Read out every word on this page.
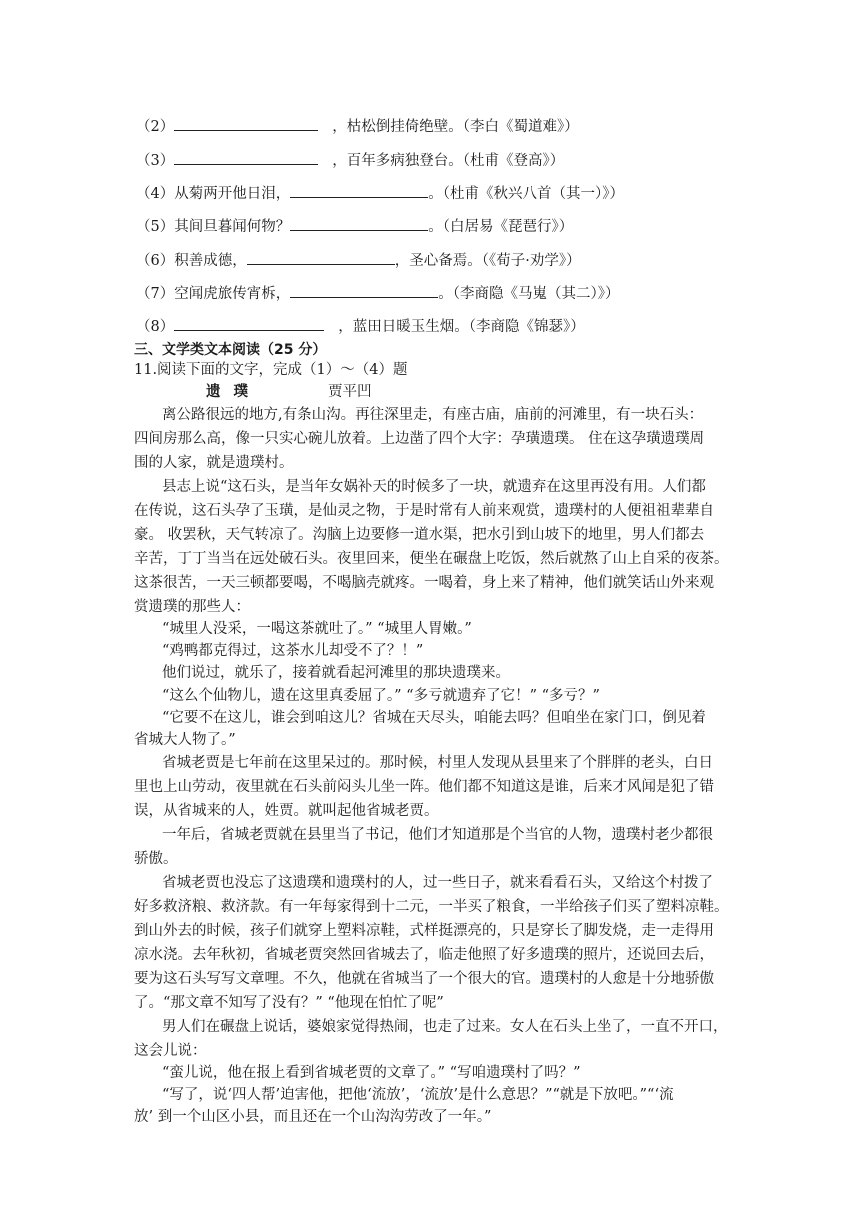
（2）	，枯松倒挂倚绝壁。（李白《蜀道难》）
（3）	，百年多病独登台。（杜甫《登高》）
（4）从菊两开他日泪，	。（杜甫《秋兴八首（其一）》）
（5）其间旦暮闻何物？	。（白居易《琵琶行》）
（6）积善成德，	，圣心备焉。（《荀子·劝学》）
（7）空闻虎旅传宵柝，	。（李商隐《马嵬（其二）》）
（8）	，蓝田日暖玉生烟。（李商隐《锦瑟》）
三、文学类文本阅读（25 分）
11.阅读下面的文字，完成（1）～（4）题
遗 璞	贾平凹
离公路很远的地方,有条山沟。再往深里走，有座古庙，庙前的河滩里，有一块石头：
四间房那么高，像一只实心碗儿放着。上边凿了四个大字：孕璜遗璞。 住在这孕璜遗璞周
围的人家，就是遗璞村。
县志上说“这石头，是当年女娲补天的时候多了一块，就遗弃在这里再没有用。人们都
在传说，这石头孕了玉璜，是仙灵之物，于是时常有人前来观赏，遗璞村的人便祖祖辈辈自
豪。 收罢秋，天气转凉了。沟脑上边要修一道水渠，把水引到山坡下的地里，男人们都去
辛苦，丁丁当当在远处破石头。夜里回来，便坐在碾盘上吃饭，然后就熬了山上自采的夜茶。
这茶很苦，一天三顿都要喝，不喝脑壳就疼。一喝着，身上来了精神，他们就笑话山外来观
赏遗璞的那些人：
“城里人没采，一喝这茶就吐了。” “城里人胃嫩。”
“鸡鸭都克得过，这茶水儿却受不了？！”
他们说过，就乐了，接着就看起河滩里的那块遗璞来。
“这么个仙物儿，遗在这里真委屈了。” “多亏就遗弃了它！” “多亏？”
“它要不在这儿，谁会到咱这儿？省城在天尽头，咱能去吗？但咱坐在家门口，倒见着
省城大人物了。”
省城老贾是七年前在这里呆过的。那时候，村里人发现从县里来了个胖胖的老头，白日
里也上山劳动，夜里就在石头前闷头儿坐一阵。他们都不知道这是谁，后来才风闻是犯了错
误，从省城来的人，姓贾。就叫起他省城老贾。
一年后，省城老贾就在县里当了书记，他们才知道那是个当官的人物，遗璞村老少都很
骄傲。
省城老贾也没忘了这遗璞和遗璞村的人，过一些日子，就来看看石头，又给这个村拨了
好多救济粮、救济款。有一年每家得到十二元，一半买了粮食，一半给孩子们买了塑料凉鞋。
到山外去的时候，孩子们就穿上塑料凉鞋，式样挺漂亮的，只是穿长了脚发烧，走一走得用
凉水浇。去年秋初，省城老贾突然回省城去了，临走他照了好多遗璞的照片，还说回去后，
要为这石头写写文章哩。不久，他就在省城当了一个很大的官。遗璞村的人愈是十分地骄傲
了。“那文章不知写了没有？” “他现在怕忙了呢”
男人们在碾盘上说话，婆娘家觉得热闹，也走了过来。女人在石头上坐了，一直不开口，
这会儿说：
“蛮儿说，他在报上看到省城老贾的文章了。” “写咱遗璞村了吗？”
“写了，说‘四人帮’迫害他，把他‘流放’，‘流放’是什么意思？”“就是下放吧。”“‘流
放’ 到一个山区小县，而且还在一个山沟沟劳改了一年。”
